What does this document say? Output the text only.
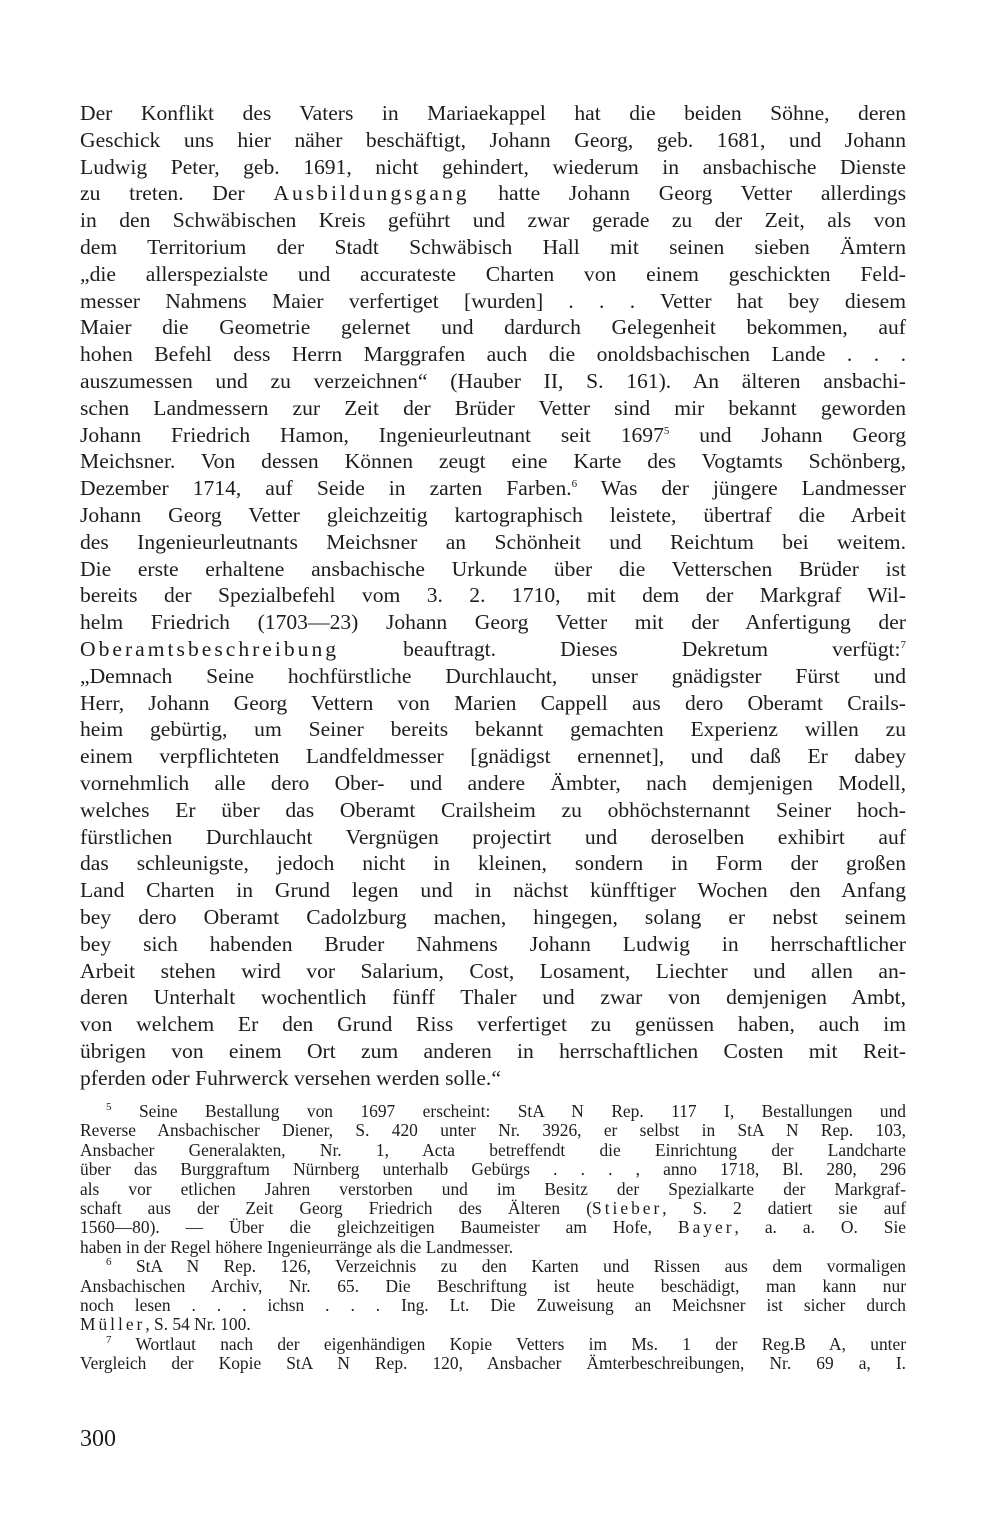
Der Konflikt des Vaters in Mariaekappel hat die beiden Söhne, deren
Geschick uns hier näher beschäftigt, Johann Georg, geb. 1681, und Johann
Ludwig Peter, geb. 1691, nicht gehindert, wiederum in ansbachische Dienste
zu treten. Der Ausbildungsgang hatte Johann Georg Vetter allerdings
in den Schwäbischen Kreis geführt und zwar gerade zu der Zeit, als von
dem Territorium der Stadt Schwäbisch Hall mit seinen sieben Ämtern
„die allerspezialste und accurateste Charten von einem geschickten Feld-
messer Nahmens Maier verfertiget [wurden] . . . Vetter hat bey diesem
Maier die Geometrie gelernet und dardurch Gelegenheit bekommen, auf
hohen Befehl dess Herrn Marggrafen auch die onoldsbachischen Lande . . .
auszumessen und zu verzeichnen“ (Hauber II, S. 161). An älteren ansbachi-
schen Landmessern zur Zeit der Brüder Vetter sind mir bekannt geworden
Johann Friedrich Hamon, Ingenieurleutnant seit 1697$^5$ und Johann Georg
Meichsner. Von dessen Können zeugt eine Karte des Vogtamts Schönberg,
Dezember 1714, auf Seide in zarten Farben.$^6$ Was der jüngere Landmesser
Johann Georg Vetter gleichzeitig kartographisch leistete, übertraf die Arbeit
des Ingenieurleutnants Meichsner an Schönheit und Reichtum bei weitem.
Die erste erhaltene ansbachische Urkunde über die Vetterschen Brüder ist
bereits der Spezialbefehl vom 3. 2. 1710, mit dem der Markgraf Wil-
helm Friedrich (1703—23) Johann Georg Vetter mit der Anfertigung der
Oberamtsbeschreibung beauftragt. Dieses Dekretum verfügt:$^7$
„Demnach Seine hochfürstliche Durchlaucht, unser gnädigster Fürst und
Herr, Johann Georg Vettern von Marien Cappell aus dero Oberamt Crails-
heim gebürtig, um Seiner bereits bekannt gemachten Experienz willen zu
einem verpflichteten Landfeldmesser [gnädigst ernennet], und daß Er dabey
vornehmlich alle dero Ober- und andere Ämbter, nach demjenigen Modell,
welches Er über das Oberamt Crailsheim zu obhöchsternannt Seiner hoch-
fürstlichen Durchlaucht Vergnügen projectirt und deroselben exhibirt auf
das schleunigste, jedoch nicht in kleinen, sondern in Form der großen
Land Charten in Grund legen und in nächst künfftiger Wochen den Anfang
bey dero Oberamt Cadolzburg machen, hingegen, solang er nebst seinem
bey sich habenden Bruder Nahmens Johann Ludwig in herrschaftlicher
Arbeit stehen wird vor Salarium, Cost, Losament, Liechter und allen an-
deren Unterhalt wochentlich fünff Thaler und zwar von demjenigen Ambt,
von welchem Er den Grund Riss verfertiget zu genüssen haben, auch im
übrigen von einem Ort zum anderen in herrschaftlichen Costen mit Reit-
pferden oder Fuhrwerck versehen werden solle.“
$^5$ Seine Bestallung von 1697 erscheint: StA N Rep. 117 I, Bestallungen und
Reverse Ansbachischer Diener, S. 420 unter Nr. 3926, er selbst in StA N Rep. 103,
Ansbacher Generalakten, Nr. 1, Acta betreffendt die Einrichtung der Landcharte
über das Burggraftum Nürnberg unterhalb Gebürgs . . . , anno 1718, Bl. 280, 296
als vor etlichen Jahren verstorben und im Besitz der Spezialkarte der Markgraf-
schaft aus der Zeit Georg Friedrich des Älteren (Stieber, S. 2 datiert sie auf
1560—80). — Über die gleichzeitigen Baumeister am Hofe, Bayer, a. a. O. Sie
haben in der Regel höhere Ingenieurränge als die Landmesser.
$^6$ StA N Rep. 126, Verzeichnis zu den Karten und Rissen aus dem vormaligen
Ansbachischen Archiv, Nr. 65. Die Beschriftung ist heute beschädigt, man kann nur
noch lesen . . . ichsn . . . Ing. Lt. Die Zuweisung an Meichsner ist sicher durch
Müller, S. 54 Nr. 100.
$^7$ Wortlaut nach der eigenhändigen Kopie Vetters im Ms. 1 der Reg.B A, unter
Vergleich der Kopie StA N Rep. 120, Ansbacher Ämterbeschreibungen, Nr. 69 a, I.
300
